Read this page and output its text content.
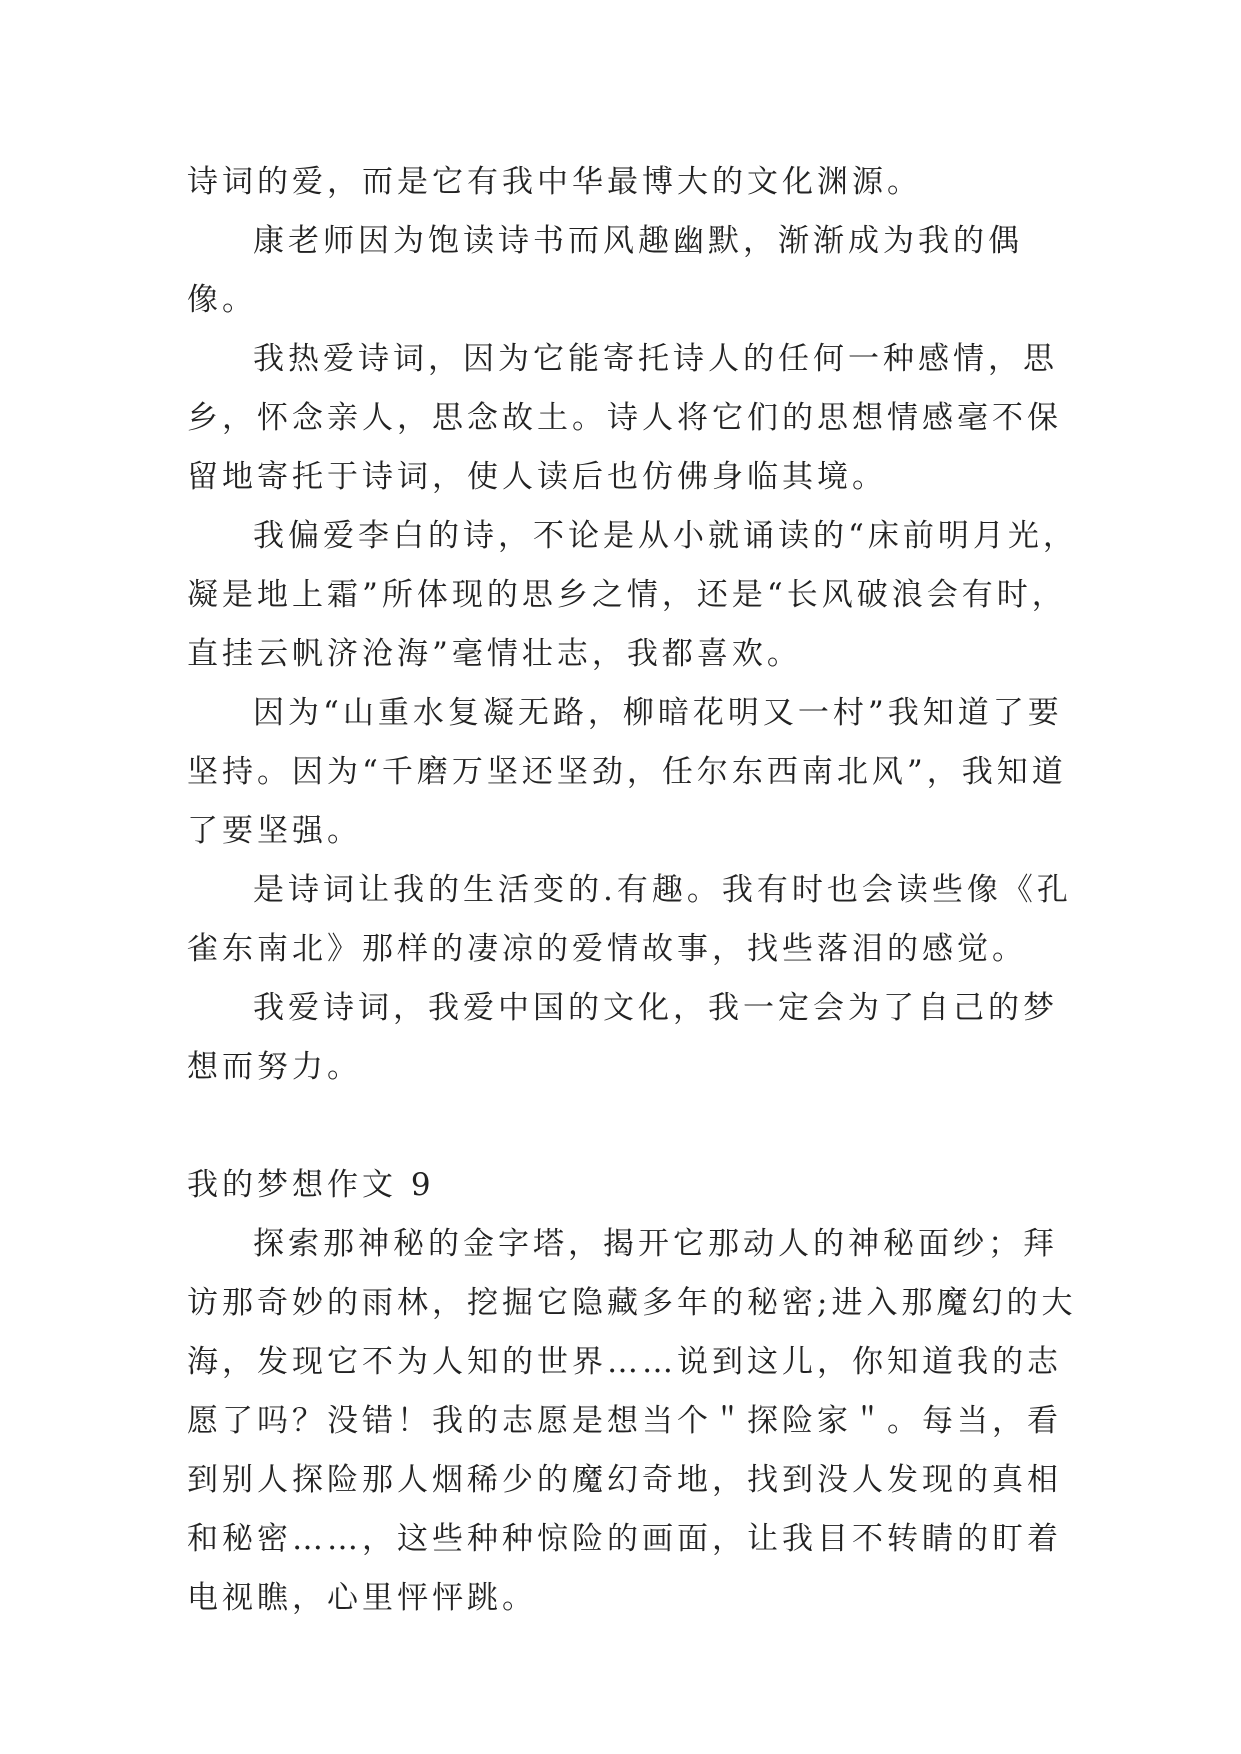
诗词的爱，而是它有我中华最博大的文化渊源。

康老师因为饱读诗书而风趣幽默，渐渐成为我的偶像。

我热爱诗词，因为它能寄托诗人的任何一种感情，思乡，怀念亲人，思念故土。诗人将它们的思想情感毫不保留地寄托于诗词，使人读后也仿佛身临其境。

我偏爱李白的诗，不论是从小就诵读的“床前明月光，凝是地上霜”所体现的思乡之情，还是“长风破浪会有时，直挂云帆济沧海”毫情壮志，我都喜欢。

因为“山重水复凝无路，柳暗花明又一村”我知道了要坚持。因为“千磨万坚还坚劲，任尔东西南北风”，我知道了要坚强。

是诗词让我的生活变的.有趣。我有时也会读些像《孔雀东南北》那样的凄凉的爱情故事，找些落泪的感觉。

我爱诗词，我爱中国的文化，我一定会为了自己的梦想而努力。

我的梦想作文 9

探索那神秘的金字塔，揭开它那动人的神秘面纱；拜访那奇妙的雨林，挖掘它隐藏多年的秘密;进入那魔幻的大海，发现它不为人知的世界……说到这儿，你知道我的志愿了吗？没错！我的志愿是想当个＂探险家＂。每当，看到别人探险那人烟稀少的魔幻奇地，找到没人发现的真相和秘密……，这些种种惊险的画面，让我目不转睛的盯着电视瞧，心里怦怦跳。
